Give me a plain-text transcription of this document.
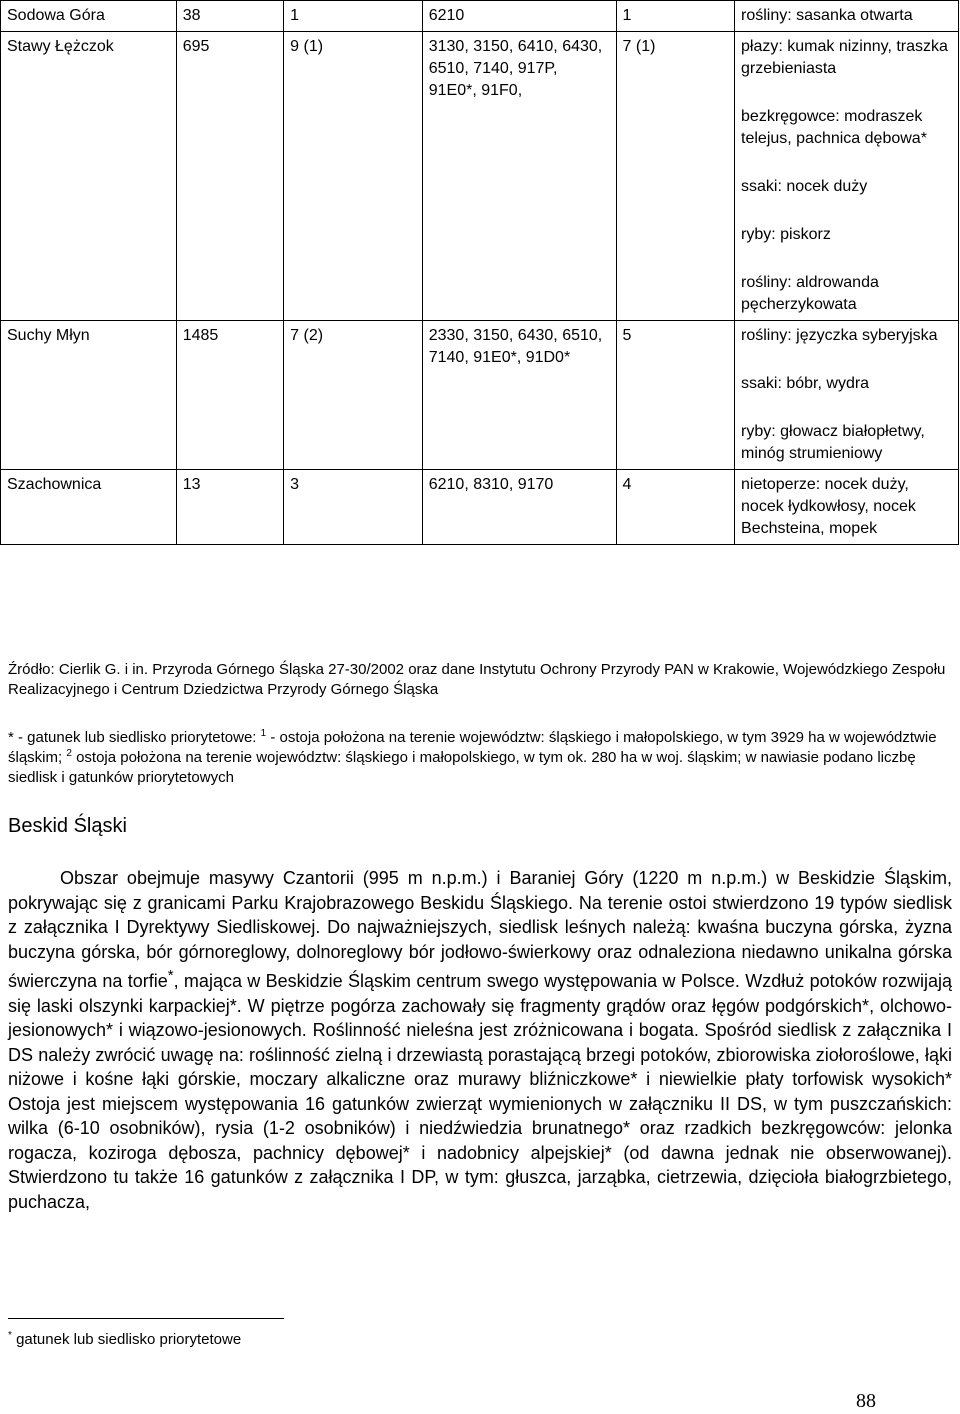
Sodowa Góra	38	1	6210	1	rośliny: sasanka otwarta

Stawy Łężczok	695	9 (1)	3130, 3150, 6410, 6430, 6510, 7140, 917P, 91E0*, 91F0,	7 (1)	płazy: kumak nizinny, traszka grzebieniasta
bezkręgowce: modraszek telejus, pachnica dębowa*
ssaki: nocek duży
ryby: piskorz
rośliny: aldrowanda pęcherzykowata

Suchy Młyn	1485	7 (2)	2330, 3150, 6430, 6510, 7140, 91E0*, 91D0*	5	rośliny: języczka syberyjska
ssaki: bóbr, wydra
ryby: głowacz białopłetwy, minóg strumieniowy

Szachownica	13	3	6210, 8310, 9170	4	nietoperze: nocek duży, nocek łydkowłosy, nocek Bechsteina, mopek
Źródło: Cierlik G. i in. Przyroda Górnego Śląska 27-30/2002 oraz dane Instytutu Ochrony Przyrody PAN w Krakowie, Wojewódzkiego Zespołu Realizacyjnego i Centrum Dziedzictwa Przyrody Górnego Śląska
* - gatunek lub siedlisko priorytetowe: $^1$ - ostoja położona na terenie województw: śląskiego i małopolskiego, w tym 3929 ha w województwie śląskim; $^2$ ostoja położona na terenie województw: śląskiego i małopolskiego, w tym ok. 280 ha w woj. śląskim; w nawiasie podano liczbę siedlisk i gatunków priorytetowych
Beskid Śląski

Obszar obejmuje masywy Czantorii (995 m n.p.m.) i Baraniej Góry (1220 m n.p.m.) w Beskidzie Śląskim, pokrywając się z granicami Parku Krajobrazowego Beskidu Śląskiego. Na terenie ostoi stwierdzono 19 typów siedlisk z załącznika I Dyrektywy Siedliskowej. Do najważniejszych, siedlisk leśnych należą: kwaśna buczyna górska, żyzna buczyna górska, bór górnoreglowy, dolnoreglowy bór jodłowo-świerkowy oraz odnaleziona niedawno unikalna górska świerczyna na torfie*, mająca w Beskidzie Śląskim centrum swego występowania w Polsce. Wzdłuż potoków rozwijają się laski olszynki karpackiej*. W piętrze pogórza zachowały się fragmenty grądów oraz łęgów podgórskich*, olchowo-jesionowych* i wiązowo-jesionowych. Roślinność nieleśna jest zróżnicowana i bogata. Spośród siedlisk z załącznika I DS należy zwrócić uwagę na: roślinność zielną i drzewiastą porastającą brzegi potoków, zbiorowiska ziołoroślowe, łąki niżowe i kośne łąki górskie, moczary alkaliczne oraz murawy bliźniczkowe* i niewielkie płaty torfowisk wysokich* Ostoja jest miejscem występowania 16 gatunków zwierząt wymienionych w załączniku II DS, w tym puszczańskich: wilka (6-10 osobników), rysia (1-2 osobników) i niedźwiedzia brunatnego* oraz rzadkich bezkręgowców: jelonka rogacza, koziroga dębosza, pachnicy dębowej* i nadobnicy alpejskiej* (od dawna jednak nie obserwowanej). Stwierdzono tu także 16 gatunków z załącznika I DP, w tym: głuszca, jarząbka, cietrzewia, dzięcioła białogrzbietego, puchacza,

* gatunek lub siedlisko priorytetowe
88
